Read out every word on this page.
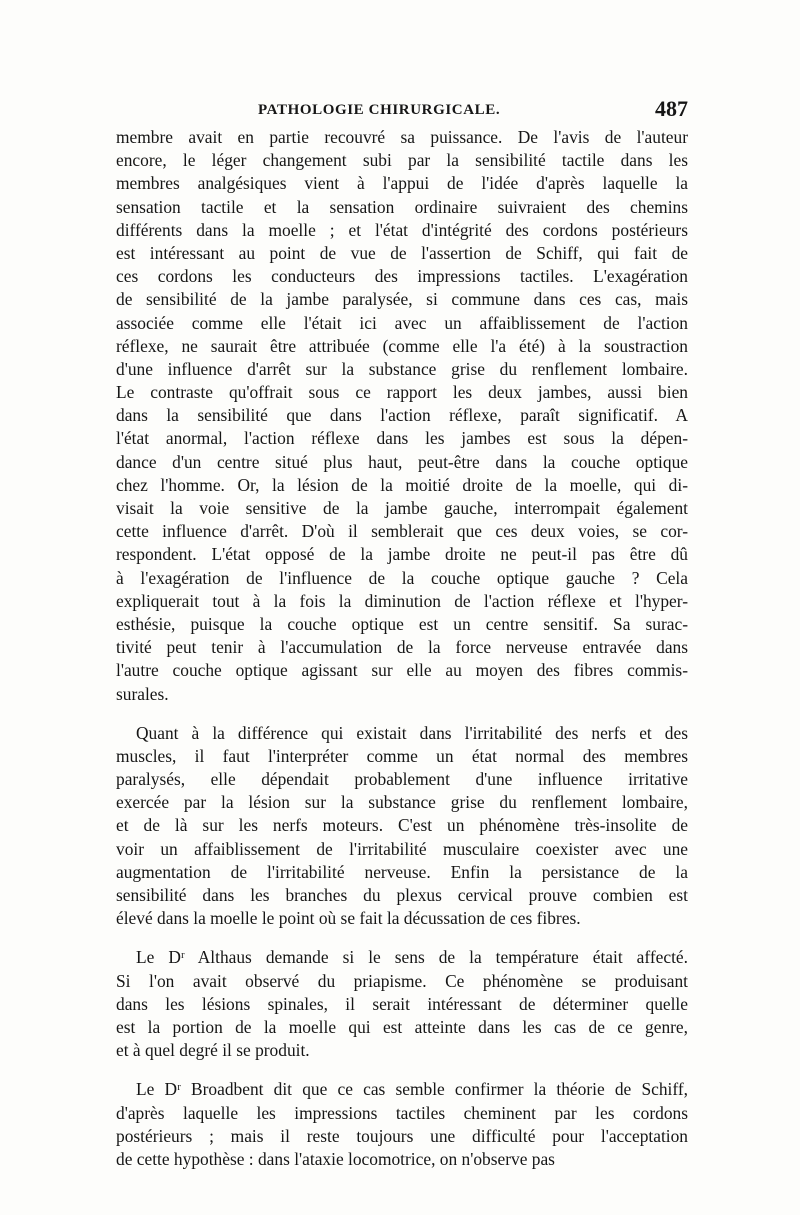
PATHOLOGIE CHIRURGICALE.	487
membre avait en partie recouvré sa puissance. De l'avis de l'auteur
encore, le léger changement subi par la sensibilité tactile dans les
membres analgésiques vient à l'appui de l'idée d'après laquelle la
sensation tactile et la sensation ordinaire suivraient des chemins
différents dans la moelle ; et l'état d'intégrité des cordons postérieurs
est intéressant au point de vue de l'assertion de Schiff, qui fait de
ces cordons les conducteurs des impressions tactiles. L'exagération
de sensibilité de la jambe paralysée, si commune dans ces cas, mais
associée comme elle l'était ici avec un affaiblissement de l'action
réflexe, ne saurait être attribuée (comme elle l'a été) à la soustraction
d'une influence d'arrêt sur la substance grise du renflement lombaire.
Le contraste qu'offrait sous ce rapport les deux jambes, aussi bien
dans la sensibilité que dans l'action réflexe, paraît significatif. A
l'état anormal, l'action réflexe dans les jambes est sous la dépen-
dance d'un centre situé plus haut, peut-être dans la couche optique
chez l'homme. Or, la lésion de la moitié droite de la moelle, qui di-
visait la voie sensitive de la jambe gauche, interrompait également
cette influence d'arrêt. D'où il semblerait que ces deux voies, se cor-
respondent. L'état opposé de la jambe droite ne peut-il pas être dû
à l'exagération de l'influence de la couche optique gauche ? Cela
expliquerait tout à la fois la diminution de l'action réflexe et l'hyper-
esthésie, puisque la couche optique est un centre sensitif. Sa surac-
tivité peut tenir à l'accumulation de la force nerveuse entravée dans
l'autre couche optique agissant sur elle au moyen des fibres commis-
surales.
Quant à la différence qui existait dans l'irritabilité des nerfs et des
muscles, il faut l'interpréter comme un état normal des membres
paralysés, elle dépendait probablement d'une influence irritative
exercée par la lésion sur la substance grise du renflement lombaire,
et de là sur les nerfs moteurs. C'est un phénomène très-insolite de
voir un affaiblissement de l'irritabilité musculaire coexister avec une
augmentation de l'irritabilité nerveuse. Enfin la persistance de la
sensibilité dans les branches du plexus cervical prouve combien est
élevé dans la moelle le point où se fait la décussation de ces fibres.
Le Dʳ Althaus demande si le sens de la température était affecté.
Si l'on avait observé du priapisme. Ce phénomène se produisant
dans les lésions spinales, il serait intéressant de déterminer quelle
est la portion de la moelle qui est atteinte dans les cas de ce genre,
et à quel degré il se produit.
Le Dʳ Broadbent dit que ce cas semble confirmer la théorie de Schiff,
d'après laquelle les impressions tactiles cheminent par les cordons
postérieurs ; mais il reste toujours une difficulté pour l'acceptation
de cette hypothèse : dans l'ataxie locomotrice, on n'observe pas
